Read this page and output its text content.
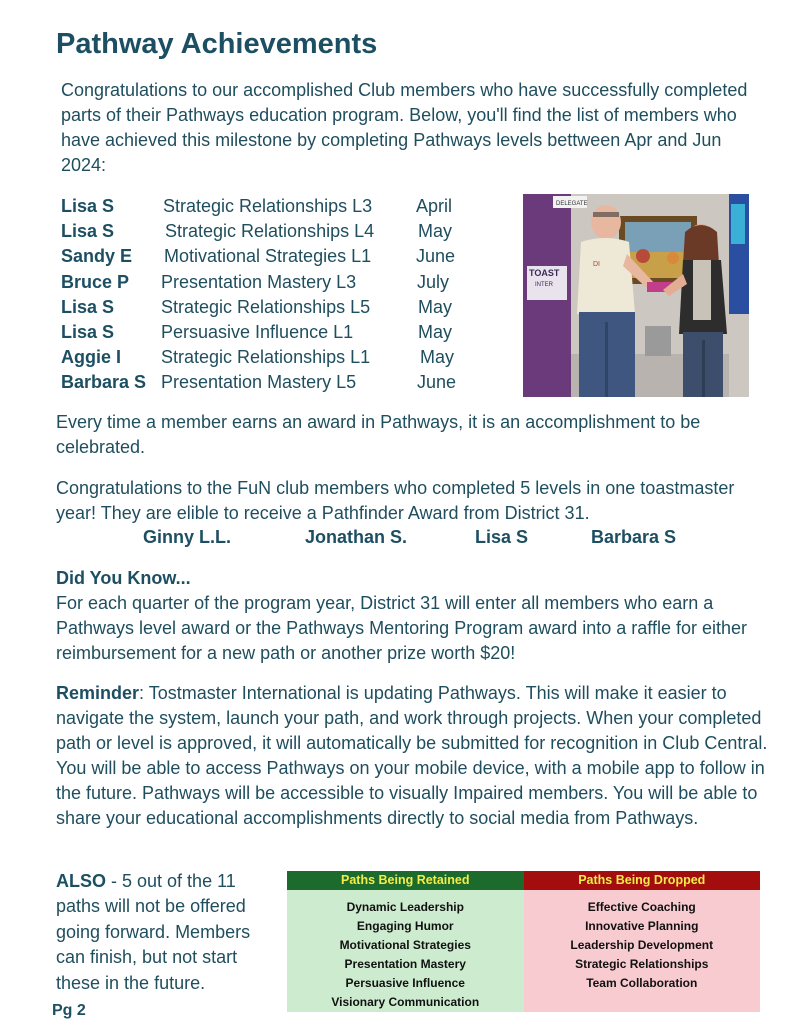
Pathway Achievements
Congratulations to our accomplished Club members who have successfully completed parts of their Pathways education program. Below, you'll find the list of members who have achieved this milestone by completing Pathways levels bettween Apr and Jun 2024:
Lisa S	Strategic Relationships L3 April
Lisa S	Strategic Relationships L4 May
Sandy E Motivational Strategies L1 June
Bruce P Presentation Mastery L3	July
Lisa S	Strategic Relationships L5	May
Lisa S	Persuasive Influence L1	May
Aggie I Strategic Relationships L1	May
Barbara S Presentation Mastery L5	June
TOAST
INTER
DELEGATE
DI
Every time a member earns an award in Pathways, it is an accomplishment to be celebrated.
Congratulations to the FuN club members who completed 5 levels in one toastmaster year! They are elible to receive a Pathfinder Award from District 31.
Ginny L.L.	Jonathan S.	Lisa S	Barbara S
Did You Know...
For each quarter of the program year, District 31 will enter all members who earn a Pathways level award or the Pathways Mentoring Program award into a raffle for either reimbursement for a new path or another prize worth $20!
Reminder: Tostmaster International is updating Pathways. This will make it easier to navigate the system, launch your path, and work through projects. When your completed path or level is approved, it will automatically be submitted for recognition in Club Central. You will be able to access Pathways on your mobile device, with a mobile app to follow in the future. Pathways will be accessible to visually Impaired members. You will be able to share your educational accomplishments directly to social media from Pathways.
ALSO - 5 out of the 11 paths will not be offered going forward. Members can finish, but not start these in the future.
Paths Being Retained
Dynamic Leadership
Engaging Humor
Motivational Strategies
Presentation Mastery
Persuasive Influence
Visionary Communication
Paths Being Dropped
Effective Coaching
Innovative Planning
Leadership Development
Strategic Relationships
Team Collaboration
Pg 2
